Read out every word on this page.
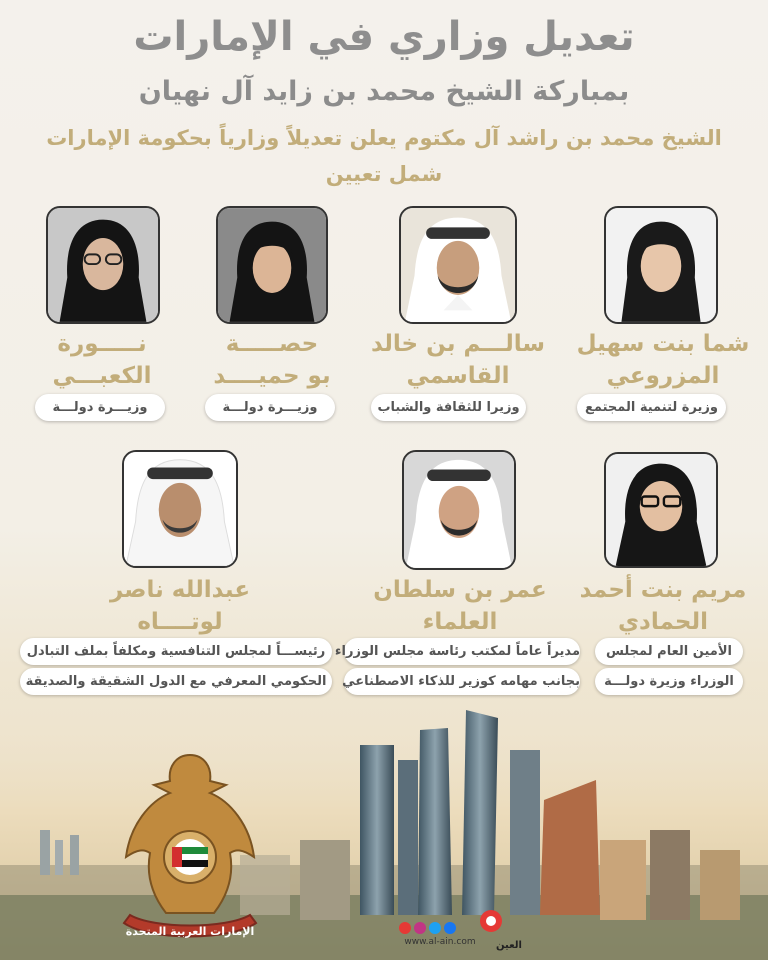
تعديل وزاري في الإمارات
بمباركة الشيخ محمد بن زايد آل نهيان
الشيخ محمد بن راشد آل مكتوم يعلن تعديلاً وزارياً بحكومة الإمارات
شمل تعيين
شما بنت سهيل
المزروعي
وزيرة لتنمية المجتمع
سالـــم بن خالد
القاسمي
وزيرا للثقافة والشباب
حصـــــة
بو حميــــد
وزيـــرة دولـــة
نـــــورة
الكعبـــي
وزيـــرة دولـــة
مريم بنت أحمد
الحمادي
الأمين العام لمجلس
الوزراء وزيرة دولـــة
عمر بن سلطان
العلماء
مديراً عاماً لمكتب رئاسة مجلس الوزراء
بجانب مهامه كوزير للذكاء الاصطناعي
عبدالله ناصر
لوتــــاه
رئيســـاً لمجلس التنافسية ومكلفاً بملف التبادل
الحكومي المعرفي مع الدول الشقيقة والصديقة
الإمارات العربية المتحدة
www.al-ain.com	العين
